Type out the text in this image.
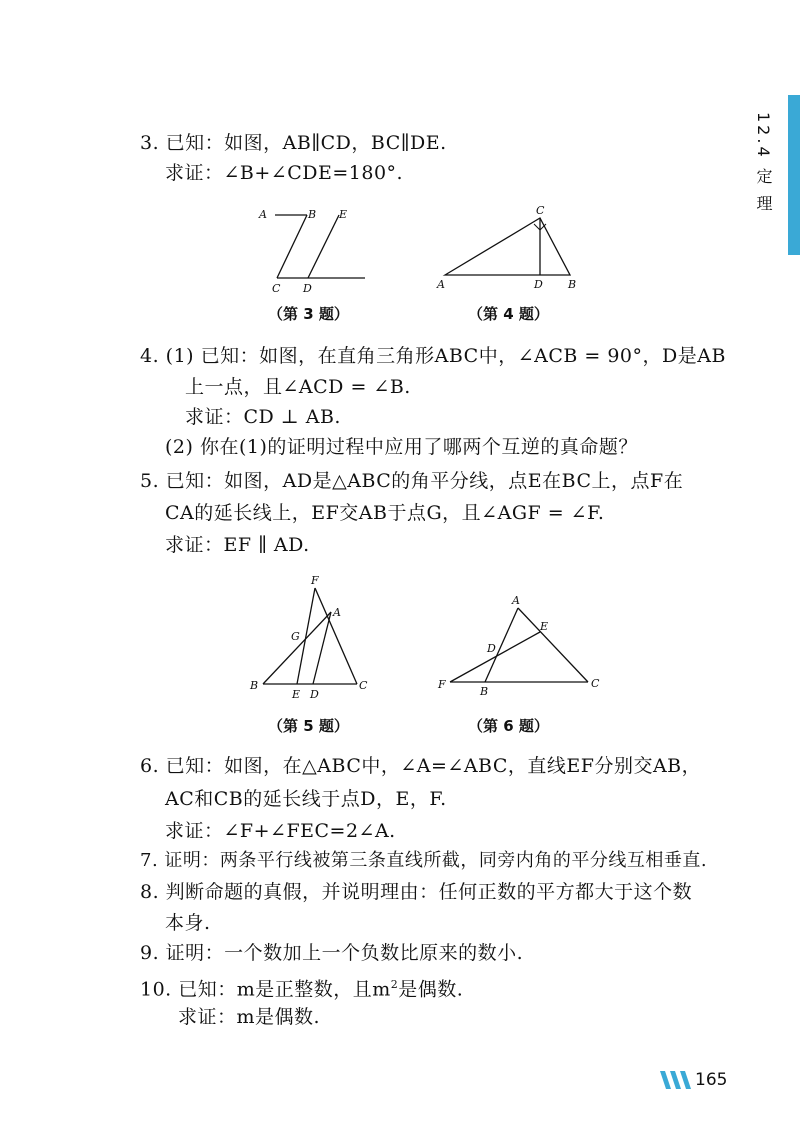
12.4 定 理
3. 已知：如图，AB∥CD，BC∥DE.
求证：∠B+∠CDE=180°.
A	B E
C D
（第 3 题）
C
A	D B
（第 4 题）
4. (1) 已知：如图，在直角三角形ABC中，∠ACB = 90°，D是AB
上一点，且∠ACD = ∠B.
求证：CD ⊥ AB.
(2) 你在(1)的证明过程中应用了哪两个互逆的真命题？
5. 已知：如图，AD是△ABC的角平分线，点E在BC上，点F在
CA的延长线上，EF交AB于点G，且∠AGF = ∠F.
求证：EF ∥ AD.
F
A
G
B
E D
C
（第 5 题）
A
E
D
F
B
C
（第 6 题）
6. 已知：如图，在△ABC中，∠A=∠ABC，直线EF分别交AB，
AC和CB的延长线于点D，E，F.
求证：∠F+∠FEC=2∠A.
7. 证明：两条平行线被第三条直线所截，同旁内角的平分线互相垂直.
8. 判断命题的真假，并说明理由：任何正数的平方都大于这个数
本身.
9. 证明：一个数加上一个负数比原来的数小.
10. 已知：m是正整数，且$m^2$是偶数.
求证：m是偶数.
165
